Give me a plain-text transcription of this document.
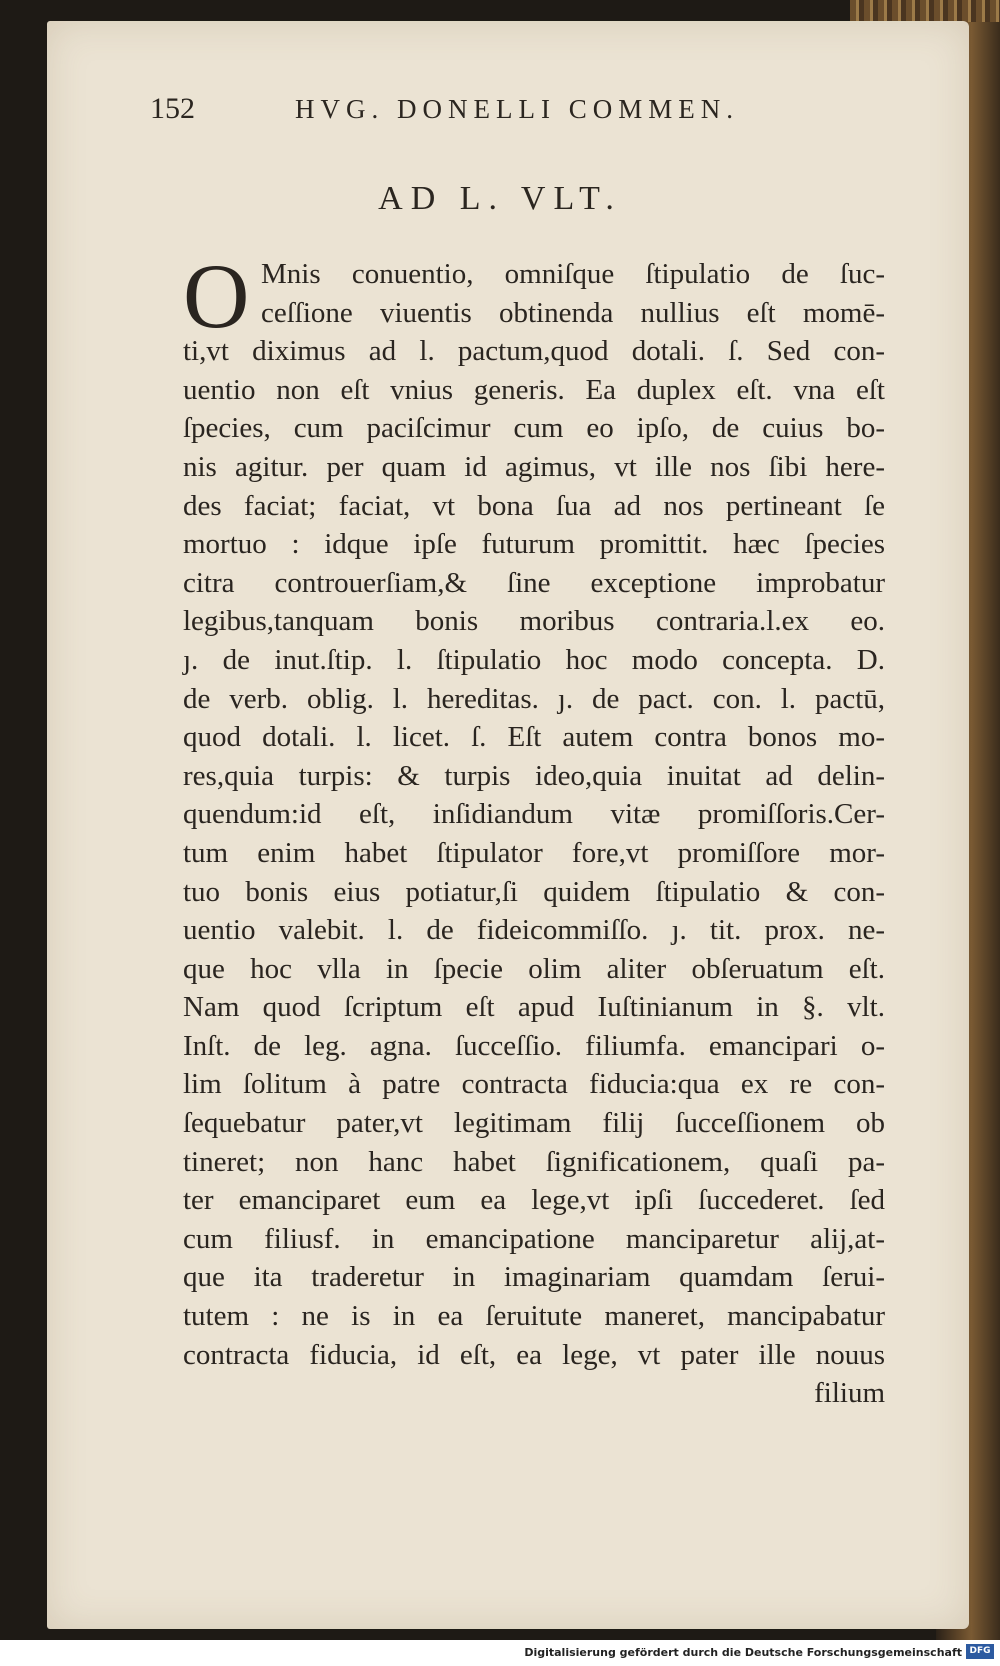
152	HVG. DONELLI COMMEN.
AD L. VLT.
O Mnis conuentio, omniſque ſtipulatio de ſuc-
ceſſione viuentis obtinenda nullius eſt momē-
ti,vt diximus ad l. pactum,quod dotali. ſ. Sed con-
uentio non eſt vnius generis. Ea duplex eſt. vna eſt
ſpecies, cum paciſcimur cum eo ipſo, de cuius bo-
nis agitur. per quam id agimus, vt ille nos ſibi here-
des faciat; faciat, vt bona ſua ad nos pertineant ſe
mortuo : idque ipſe futurum promittit. hæc ſpecies
citra controuerſiam,& ſine exceptione improbatur
legibus,tanquam bonis moribus contraria.l.ex eo.
ȷ. de inut.ſtip. l. ſtipulatio hoc modo concepta. D.
de verb. oblig. l. hereditas. ȷ. de pact. con. l. pactū,
quod dotali. l. licet. ſ. Eſt autem contra bonos mo-
res,quia turpis: & turpis ideo,quia inuitat ad delin-
quendum:id eſt, inſidiandum vitæ promiſſoris.Cer-
tum enim habet ſtipulator fore,vt promiſſore mor-
tuo bonis eius potiatur,ſi quidem ſtipulatio & con-
uentio valebit. l. de fideicommiſſo. ȷ. tit. prox. ne-
que hoc vlla in ſpecie olim aliter obſeruatum eſt.
Nam quod ſcriptum eſt apud Iuſtinianum in §. vlt.
Inſt. de leg. agna. ſucceſſio. filiumfa. emancipari o-
lim ſolitum à patre contracta fiducia:qua ex re con-
ſequebatur pater,vt legitimam filij ſucceſſionem ob
tineret; non hanc habet ſignificationem, quaſi pa-
ter emanciparet eum ea lege,vt ipſi ſuccederet. ſed
cum filiusf. in emancipatione manciparetur alij,at-
que ita traderetur in imaginariam quamdam ſerui-
tutem : ne is in ea ſeruitute maneret, mancipabatur
contracta fiducia, id eſt, ea lege, vt pater ille nouus
filium
Digitalisierung gefördert durch die Deutsche Forschungsgemeinschaft DFG
